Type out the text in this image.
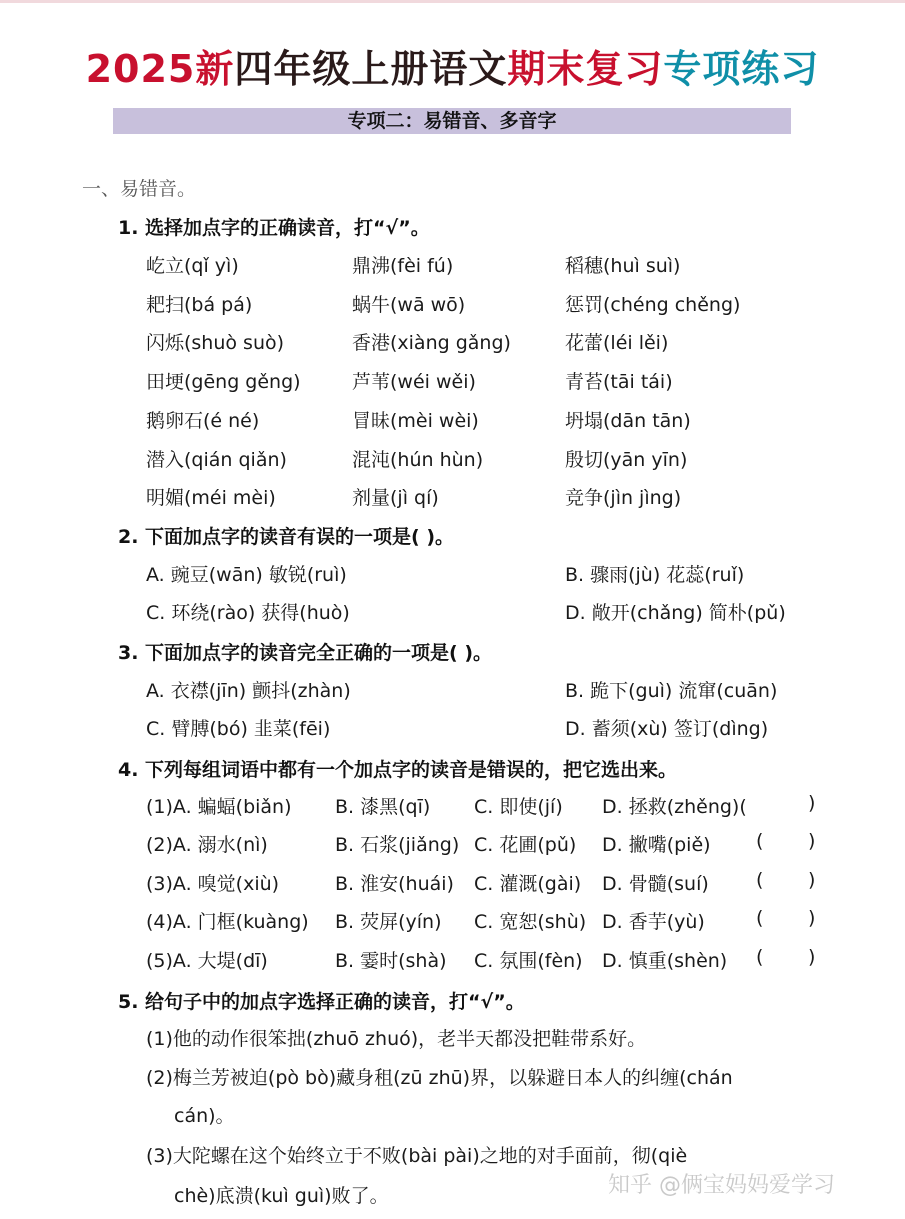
2025新四年级上册语文期末复习专项练习
专项二：易错音、多音字
一、易错音。
1. 选择加点字的正确读音，打“√”。
屹立(qǐ yì)	鼎沸(fèi fú)	稻穗(huì suì)
耙扫(bá pá)	蜗牛(wā wō)	惩罚(chéng chěng)
闪烁(shuò suò)	香港(xiàng gǎng)	花蕾(léi lěi)
田埂(gēng gěng)	芦苇(wéi wěi)	青苔(tāi tái)
鹅卵石(é né)	冒昧(mèi wèi)	坍塌(dān tān)
潜入(qián qiǎn)	混沌(hún hùn)	殷切(yān yīn)
明媚(méi mèi)	剂量(jì qí)	竞争(jìn jìng)
2. 下面加点字的读音有误的一项是( )。
A. 豌豆(wān) 敏锐(ruì)	B. 骤雨(jù) 花蕊(ruǐ)
C. 环绕(rào) 获得(huò)	D. 敞开(chǎng) 简朴(pǔ)
3. 下面加点字的读音完全正确的一项是( )。
A. 衣襟(jīn) 颤抖(zhàn)	B. 跪下(guì) 流窜(cuān)
C. 臂膊(bó) 韭菜(fēi)	D. 蓄须(xù) 签订(dìng)
4. 下列每组词语中都有一个加点字的读音是错误的，把它选出来。
(1)A. 蝙蝠(biǎn) B. 漆黑(qī) C. 即使(jí) D. 拯救(zhěng)(	)
(2)A. 溺水(nì)	B. 石浆(jiǎng) C. 花圃(pǔ) D. 撇嘴(piě) ( )
(3)A. 嗅觉(xiù)	B. 淮安(huái) C. 灌溉(gài) D. 骨髓(suí) ( )
(4)A. 门框(kuàng) B. 荧屏(yín) C. 宽恕(shù) D. 香芋(yù)	( )
(5)A. 大堤(dī)	B. 霎时(shà) C. 氛围(fèn) D. 慎重(shèn) ( )
5. 给句子中的加点字选择正确的读音，打“√”。
(1)他的动作很笨拙(zhuō zhuó)，老半天都没把鞋带系好。
(2)梅兰芳被迫(pò bò)藏身租(zū zhū)界，以躲避日本人的纠缠(chán
cán)。
(3)大陀螺在这个始终立于不败(bài pài)之地的对手面前，彻(qiè
chè)底溃(kuì guì)败了。	知乎 @俩宝妈妈爱学习
